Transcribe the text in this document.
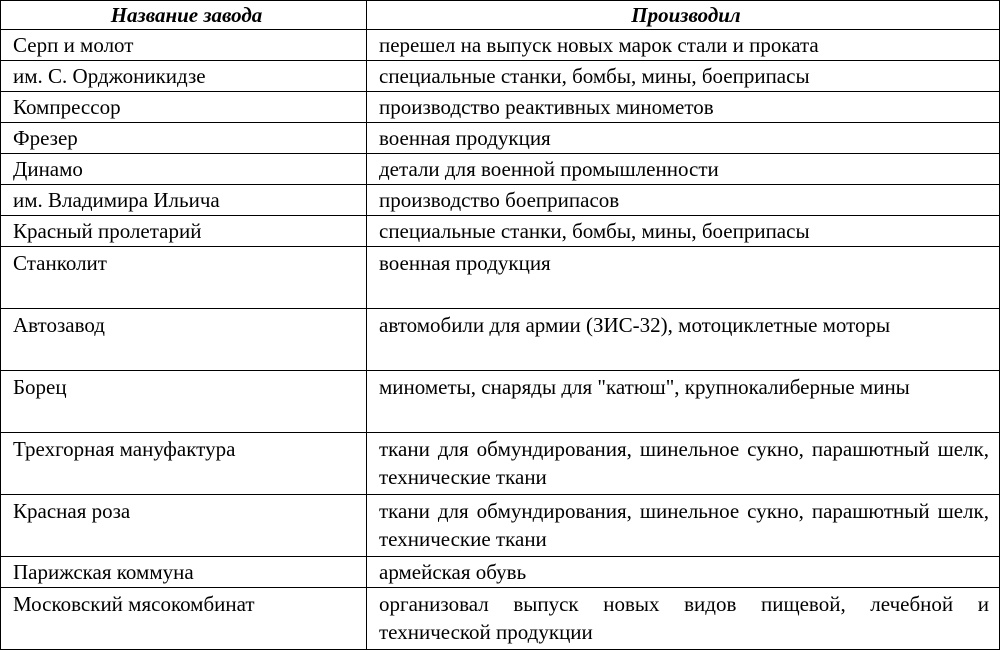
Название завода	Производил
Серп и молот	перешел на выпуск новых марок стали и проката
им. С. Орджоникидзе	специальные станки, бомбы, мины, боеприпасы
Компрессор	производство реактивных минометов
Фрезер	военная продукция
Динамо	детали для военной промышленности
им. Владимира Ильича	производство боеприпасов
Красный пролетарий	специальные станки, бомбы, мины, боеприпасы
Станколит	военная продукция
Автозавод	автомобили для армии (ЗИС-32), мотоциклетные моторы
Борец	минометы, снаряды для "катюш", крупнокалиберные мины
Трехгорная мануфактура	ткани для обмундирования, шинельное сукно, парашютный шелк, технические ткани
Красная роза	ткани для обмундирования, шинельное сукно, парашютный шелк, технические ткани
Парижская коммуна	армейская обувь
Московский мясокомбинат	организовал выпуск новых видов пищевой, лечебной и технической продукции
